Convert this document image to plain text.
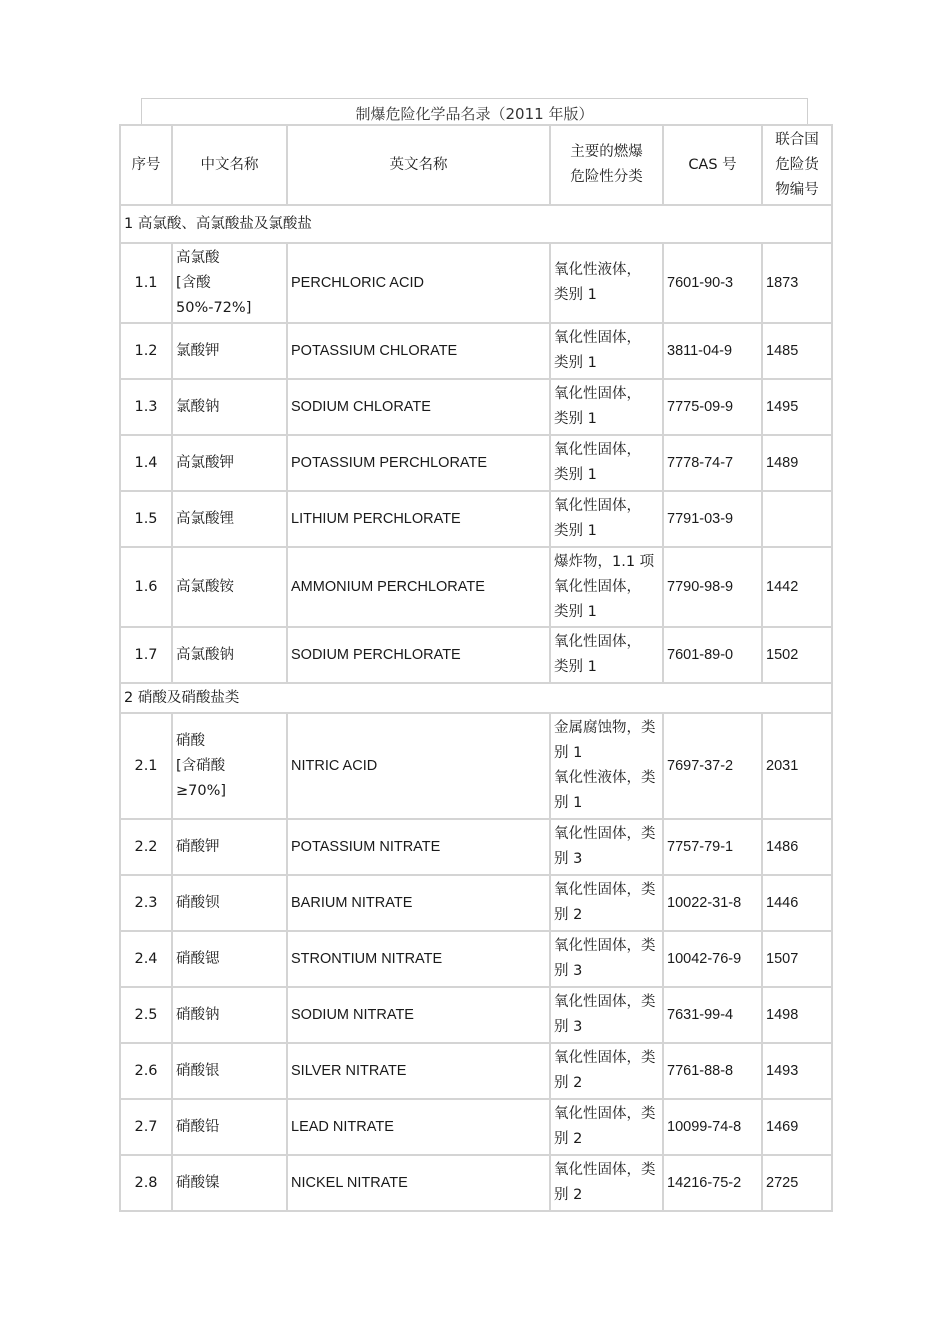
制爆危险化学品名录（2011 年版）
序号	中文名称	英文名称	主要的燃爆
危险性分类	CAS 号	联合国
危险货
物编号

1 高氯酸、高氯酸盐及氯酸盐					
1.1	高氯酸
[含酸
50%-72%]	PERCHLORIC ACID	氧化性液体，
类别 1	7601-90-3	1873
1.2	氯酸钾	POTASSIUM CHLORATE	氧化性固体，
类别 1	3811-04-9	1485
1.3	氯酸钠	SODIUM CHLORATE	氧化性固体，
类别 1	7775-09-9	1495
1.4	高氯酸钾	POTASSIUM PERCHLORATE	氧化性固体，
类别 1	7778-74-7	1489
1.5	高氯酸锂	LITHIUM PERCHLORATE	氧化性固体，
类别 1	7791-03-9	
1.6	高氯酸铵	AMMONIUM PERCHLORATE	爆炸物，1.1 项
氧化性固体，
类别 1	7790-98-9	1442
1.7	高氯酸钠	SODIUM PERCHLORATE	氧化性固体，
类别 1	7601-89-0	1502
2 硝酸及硝酸盐类					
2.1	硝酸
[含硝酸
≥70%]	NITRIC ACID	金属腐蚀物，类
别 1
氧化性液体，类
别 1	7697-37-2	2031
2.2	硝酸钾	POTASSIUM NITRATE	氧化性固体，类
别 3	7757-79-1	1486
2.3	硝酸钡	BARIUM NITRATE	氧化性固体，类
别 2	10022-31-8	1446
2.4	硝酸锶	STRONTIUM NITRATE	氧化性固体，类
别 3	10042-76-9	1507
2.5	硝酸钠	SODIUM NITRATE	氧化性固体，类
别 3	7631-99-4	1498
2.6	硝酸银	SILVER NITRATE	氧化性固体，类
别 2	7761-88-8	1493
2.7	硝酸铅	LEAD NITRATE	氧化性固体，类
别 2	10099-74-8	1469
2.8	硝酸镍	NICKEL NITRATE	氧化性固体，类
别 2	14216-75-2	2725
